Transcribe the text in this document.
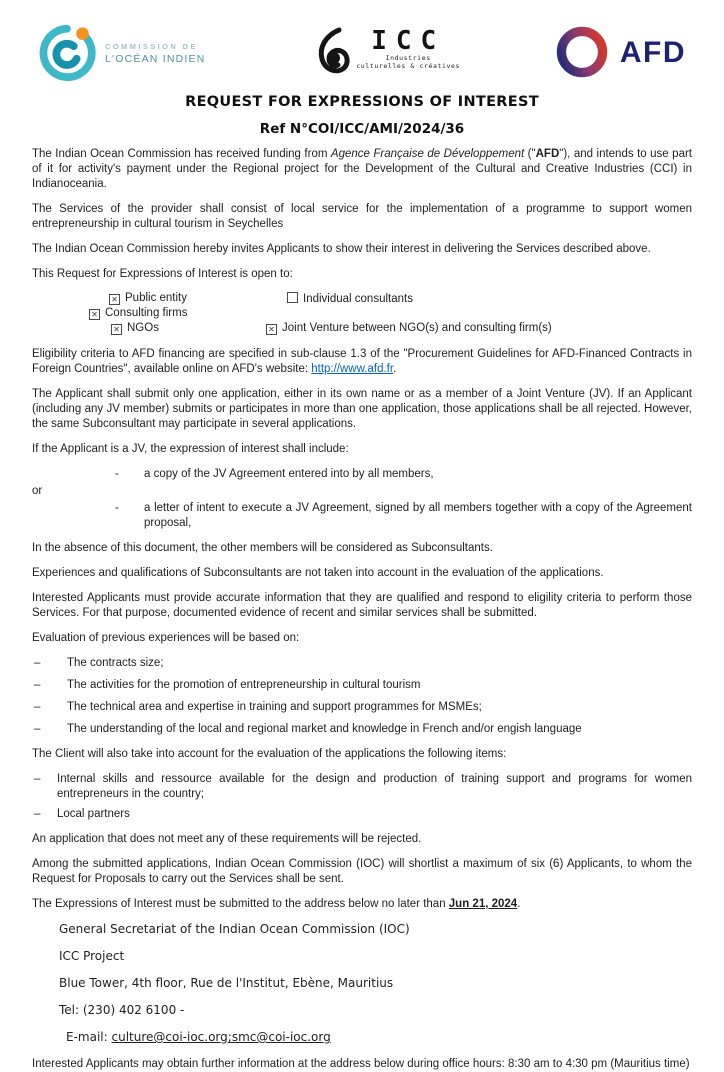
COMMISSION DE
L'OCÉAN INDIEN
ICC
Industries
culturelles & créatives	AFD
REQUEST FOR EXPRESSIONS OF INTEREST
Ref N°COI/ICC/AMI/2024/36

The Indian Ocean Commission has received funding from Agence Française de Développement ("AFD"), and intends to use part of it for activity's payment under the Regional project for the Development of the Cultural and Creative Industries (CCI) in Indianoceania.

The Services of the provider shall consist of local service for the implementation of a programme to support women entrepreneurship in cultural tourism in Seychelles

The Indian Ocean Commission hereby invites Applicants to show their interest in delivering the Services described above.

This Request for Expressions of Interest is open to:

✕ Public entity	Individual consultants
✕ Consulting firms
✕ NGOs	✕ Joint Venture between NGO(s) and consulting firm(s)

Eligibility criteria to AFD financing are specified in sub-clause 1.3 of the "Procurement Guidelines for AFD-Financed Contracts in Foreign Countries", available online on AFD's website: http://www.afd.fr.

The Applicant shall submit only one application, either in its own name or as a member of a Joint Venture (JV). If an Applicant (including any JV member) submits or participates in more than one application, those applications shall be all rejected. However, the same Subconsultant may participate in several applications.

If the Applicant is a JV, the expression of interest shall include:

- a copy of the JV Agreement entered into by all members,
or
- a letter of intent to execute a JV Agreement, signed by all members together with a copy of the Agreement proposal,

In the absence of this document, the other members will be considered as Subconsultants.

Experiences and qualifications of Subconsultants are not taken into account in the evaluation of the applications.

Interested Applicants must provide accurate information that they are qualified and respond to eligility criteria to perform those Services. For that purpose, documented evidence of recent and similar services shall be submitted.

Evaluation of previous experiences will be based on:

– The contracts size;
– The activities for the promotion of entrepreneurship in cultural tourism
– The technical area and expertise in training and support programmes for MSMEs;
– The understanding of the local and regional market and knowledge in French and/or engish language

The Client will also take into account for the evaluation of the applications the following items:

– Internal skills and ressource available for the design and production of training support and programs for women entrepreneurs in the country;
– Local partners

An application that does not meet any of these requirements will be rejected.

Among the submitted applications, Indian Ocean Commission (IOC) will shortlist a maximum of six (6) Applicants, to whom the Request for Proposals to carry out the Services shall be sent.

The Expressions of Interest must be submitted to the address below no later than Jun 21, 2024.

General Secretariat of the Indian Ocean Commission (IOC)
ICC Project
Blue Tower, 4th floor, Rue de l'Institut, Ebène, Mauritius
Tel: (230) 402 6100 -
E-mail: culture@coi-ioc.org;smc@coi-ioc.org

Interested Applicants may obtain further information at the address below during office hours: 8:30 am to 4:30 pm (Mauritius time)
